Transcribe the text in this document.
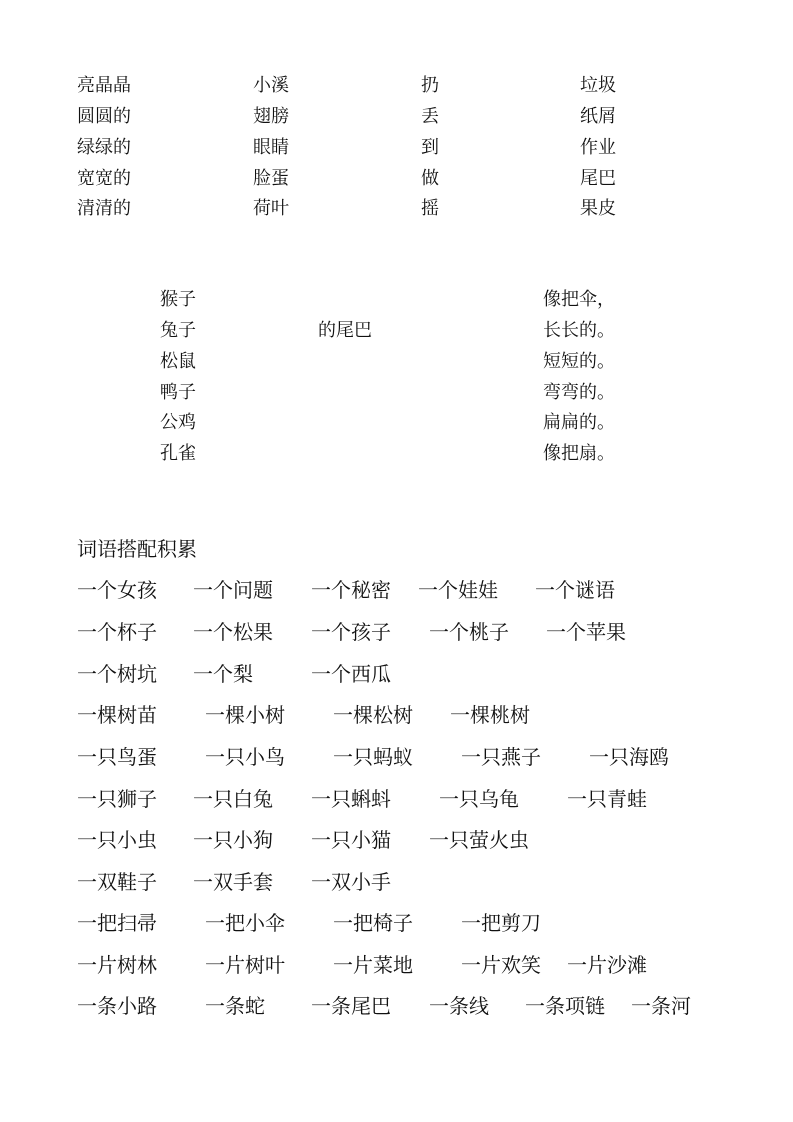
亮晶晶
圆圆的
绿绿的
宽宽的
清清的
小溪
翅膀
眼睛
脸蛋
荷叶
扔
丢
到
做
摇
垃圾
纸屑
作业
尾巴
果皮
猴子
兔子
松鼠
鸭子
公鸡
孔雀
的尾巴
像把伞，
长长的。
短短的。
弯弯的。
扁扁的。
像把扇。
词语搭配积累
一个女孩 一个问题 一个秘密 一个娃娃 一个谜语
一个杯子 一个松果 一个孩子 一个桃子 一个苹果
一个树坑 一个梨	一个西瓜
一棵树苗 一棵小树 一棵松树 一棵桃树
一只鸟蛋 一只小鸟 一只蚂蚁 一只燕子 一只海鸥
一只狮子 一只白兔 一只蝌蚪 一只乌龟 一只青蛙
一只小虫 一只小狗 一只小猫 一只萤火虫
一双鞋子 一双手套 一双小手
一把扫帚 一把小伞 一把椅子 一把剪刀
一片树林 一片树叶 一片菜地 一片欢笑 一片沙滩
一条小路 一条蛇 一条尾巴 一条线 一条项链 一条河
